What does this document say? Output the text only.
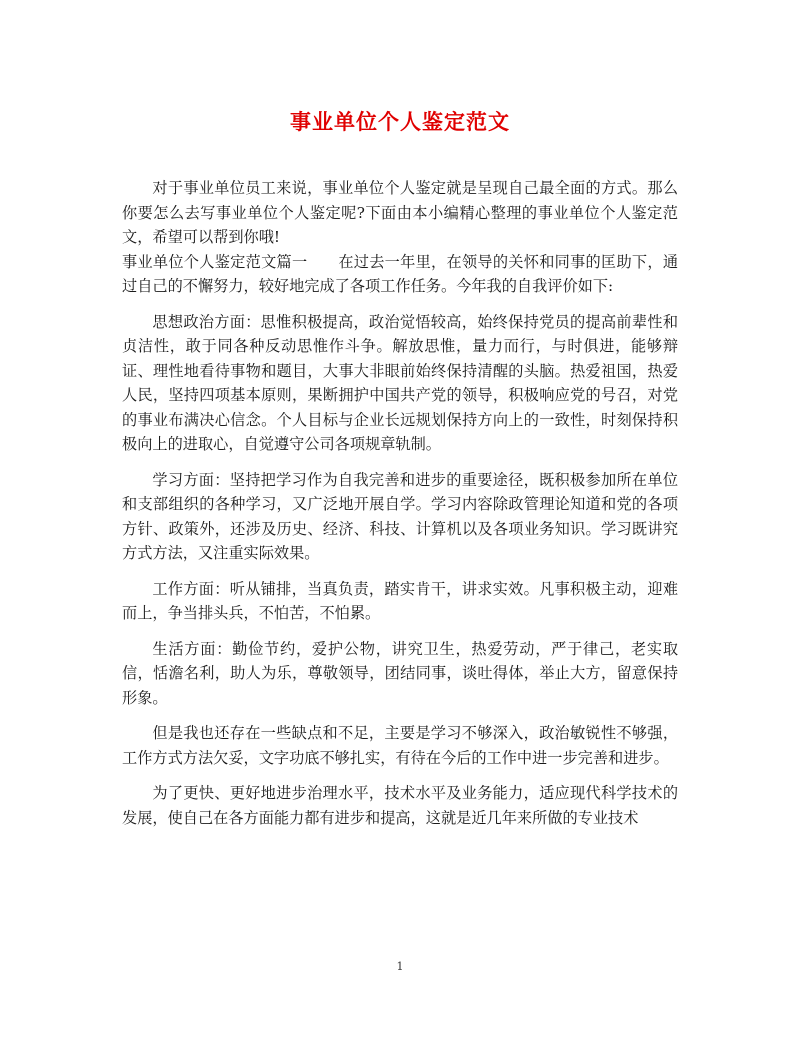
事业单位个人鉴定范文

对于事业单位员工来说，事业单位个人鉴定就是呈现自己最全面的方式。那么你要怎么去写事业单位个人鉴定呢?下面由本小编精心整理的事业单位个人鉴定范文，希望可以帮到你哦!

事业单位个人鉴定范文篇一　　在过去一年里，在领导的关怀和同事的匡助下，通过自己的不懈努力，较好地完成了各项工作任务。今年我的自我评价如下:

思想政治方面：思惟积极提高，政治觉悟较高，始终保持党员的提高前辈性和贞洁性，敢于同各种反动思惟作斗争。解放思惟，量力而行，与时俱进，能够辩证、理性地看待事物和题目，大事大非眼前始终保持清醒的头脑。热爱祖国，热爱人民，坚持四项基本原则，果断拥护中国共产党的领导，积极响应党的号召，对党的事业布满决心信念。个人目标与企业长远规划保持方向上的一致性，时刻保持积极向上的进取心，自觉遵守公司各项规章轨制。

学习方面：坚持把学习作为自我完善和进步的重要途径，既积极参加所在单位和支部组织的各种学习，又广泛地开展自学。学习内容除政管理论知道和党的各项方针、政策外，还涉及历史、经济、科技、计算机以及各项业务知识。学习既讲究方式方法，又注重实际效果。

工作方面：听从铺排，当真负责，踏实肯干，讲求实效。凡事积极主动，迎难而上，争当排头兵，不怕苦，不怕累。

生活方面：勤俭节约，爱护公物，讲究卫生，热爱劳动，严于律己，老实取信，恬澹名利，助人为乐，尊敬领导，团结同事，谈吐得体，举止大方，留意保持形象。

但是我也还存在一些缺点和不足，主要是学习不够深入，政治敏锐性不够强，工作方式方法欠妥，文字功底不够扎实，有待在今后的工作中进一步完善和进步。

为了更快、更好地进步治理水平，技术水平及业务能力，适应现代科学技术的发展，使自己在各方面能力都有进步和提高，这就是近几年来所做的专业技术

1
